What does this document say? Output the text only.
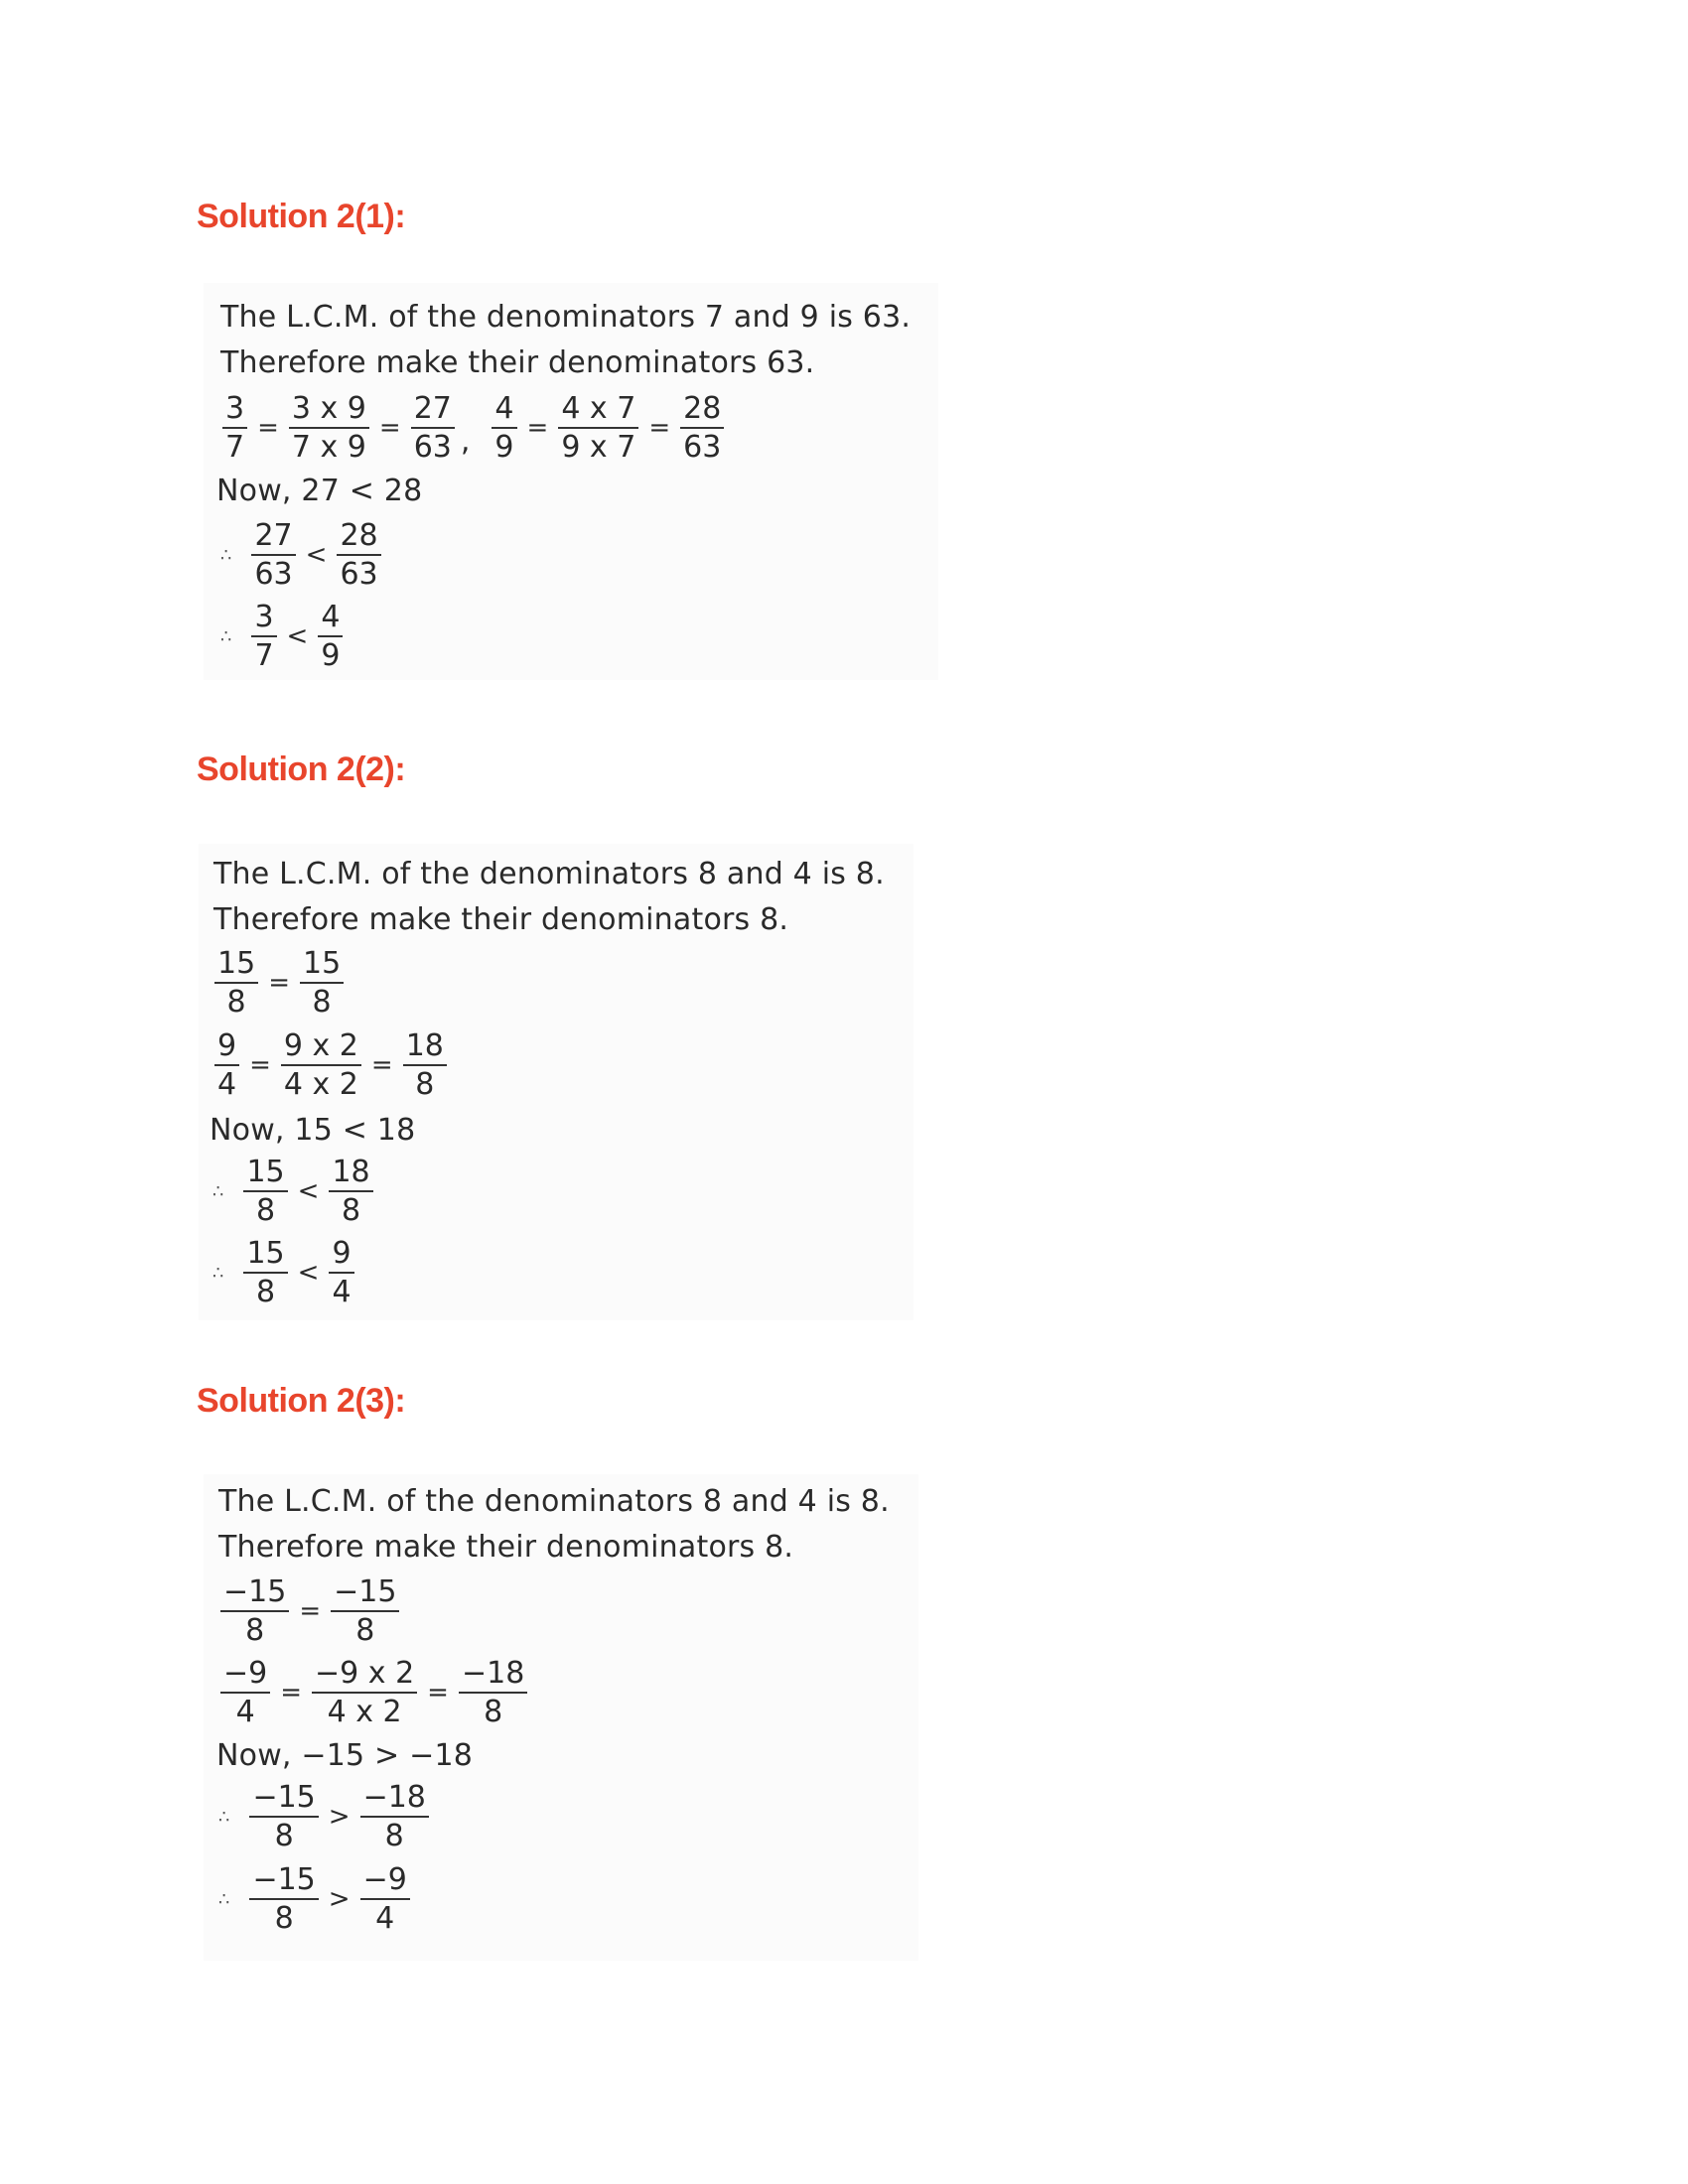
Solution 2(1):
The L.C.M. of the denominators 7 and 9 is 63.
Therefore make their denominators 63.
$\frac{3}{7} = \frac{3 x 9}{7 x 9} = \frac{27}{63}$ , $\frac{4}{9} = \frac{4 x 7}{9 x 7} = \frac{28}{63}$
Now, 27 < 28
∴ $\frac{27}{63} < \frac{28}{63}$
∴ $\frac{3}{7} < \frac{4}{9}$
Solution 2(2):
The L.C.M. of the denominators 8 and 4 is 8.
Therefore make their denominators 8.
$\frac{15}{8} = \frac{15}{8}$
$\frac{9}{4} = \frac{9 x 2}{4 x 2} = \frac{18}{8}$
Now, 15 < 18
∴ $\frac{15}{8} < \frac{18}{8}$
∴ $\frac{15}{8} < \frac{9}{4}$
Solution 2(3):
The L.C.M. of the denominators 8 and 4 is 8.
Therefore make their denominators 8.
$\frac{-15}{8} = \frac{-15}{8}$
$\frac{-9}{4} = \frac{-9 x 2}{4 x 2} = \frac{-18}{8}$
Now, −15 > −18
∴ $\frac{-15}{8} > \frac{-18}{8}$
∴ $\frac{-15}{8} > \frac{-9}{4}$
